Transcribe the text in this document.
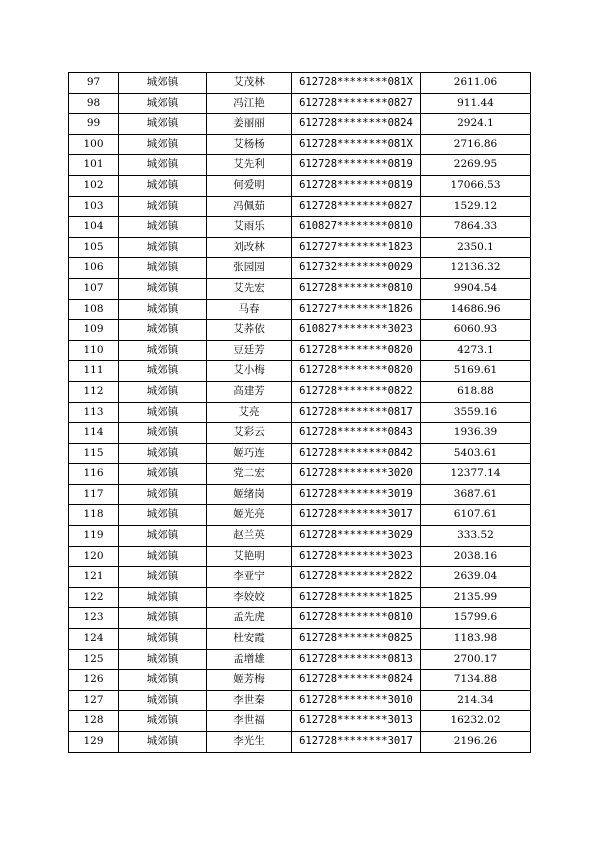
97	城郊镇	艾茂林	612728********081X	2611.06
98	城郊镇	冯江艳	612728********0827	911.44
99	城郊镇	姜丽丽	612728********0824	2924.1
100	城郊镇	艾杨杨	612728********081X	2716.86
101	城郊镇	艾先利	612728********0819	2269.95
102	城郊镇	何爱明	612728********0819	17066.53
103	城郊镇	冯佩茹	612728********0827	1529.12
104	城郊镇	艾雨乐	610827********0810	7864.33
105	城郊镇	刘改林	612727********1823	2350.1
106	城郊镇	张园园	612732********0029	12136.32
107	城郊镇	艾先宏	612728********0810	9904.54
108	城郊镇	马春	612727********1826	14686.96
109	城郊镇	艾荞依	610827********3023	6060.93
110	城郊镇	豆廷芳	612728********0820	4273.1
111	城郊镇	艾小梅	612728********0820	5169.61
112	城郊镇	高建芳	612728********0822	618.88
113	城郊镇	艾亮	612728********0817	3559.16
114	城郊镇	艾彩云	612728********0843	1936.39
115	城郊镇	姬巧连	612728********0842	5403.61
116	城郊镇	党二宏	612728********3020	12377.14
117	城郊镇	姬绪岗	612728********3019	3687.61
118	城郊镇	姬光亮	612728********3017	6107.61
119	城郊镇	赵兰英	612728********3029	333.52
120	城郊镇	艾艳明	612728********3023	2038.16
121	城郊镇	李亚宁	612728********2822	2639.04
122	城郊镇	李姣姣	612728********1825	2135.99
123	城郊镇	孟先虎	612728********0810	15799.6
124	城郊镇	杜安霞	612728********0825	1183.98
125	城郊镇	孟增雄	612728********0813	2700.17
126	城郊镇	姬芳梅	612728********0824	7134.88
127	城郊镇	李世秦	612728********3010	214.34
128	城郊镇	李世福	612728********3013	16232.02
129	城郊镇	李光生	612728********3017	2196.26
